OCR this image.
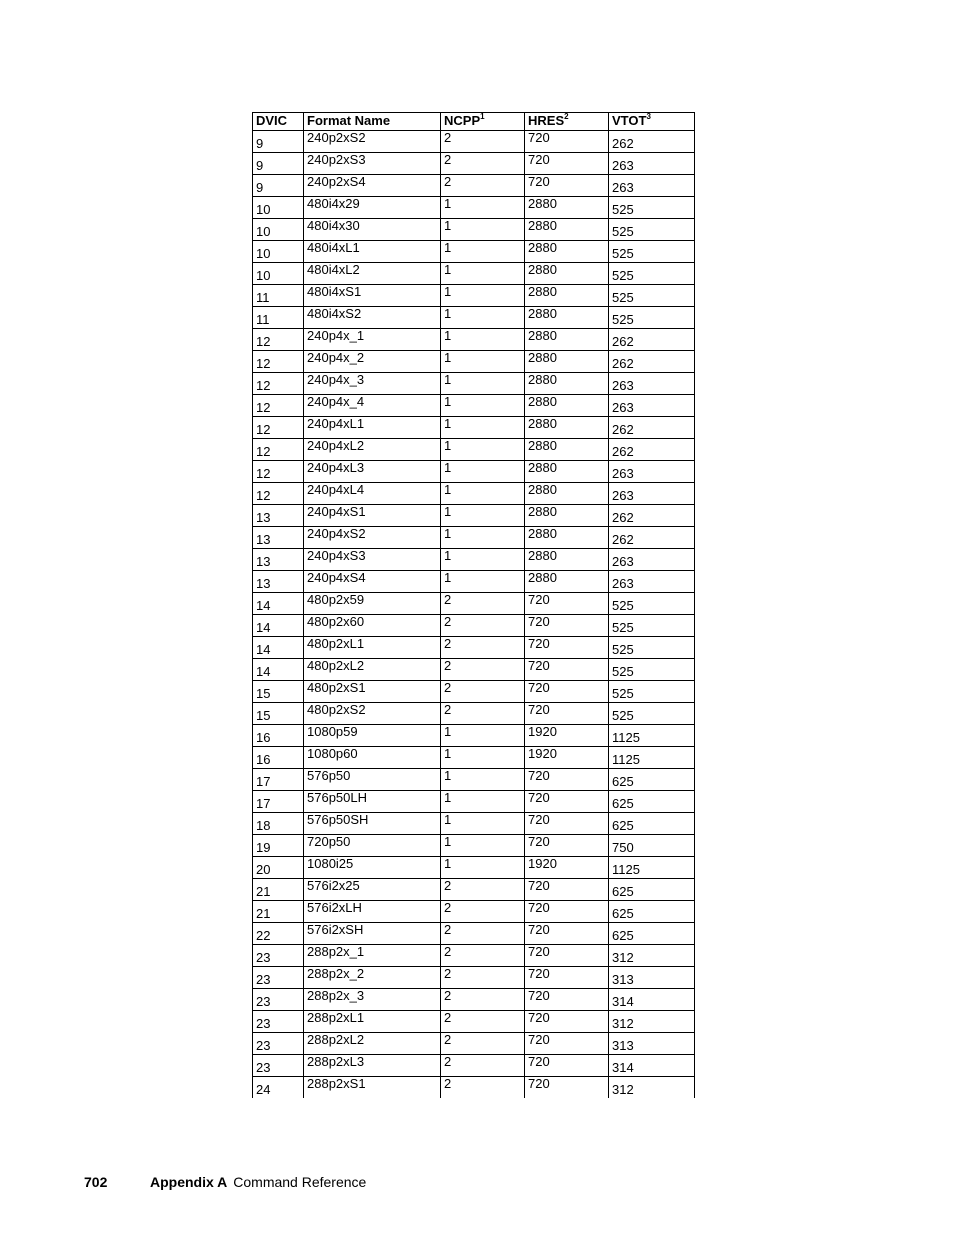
DVIC	Format Name	NCPP$^1$	HRES$^2$	VTOT$^3$
9	240p2xS2	2	720	262
9	240p2xS3	2	720	263
9	240p2xS4	2	720	263
10	480i4x29	1	2880	525
10	480i4x30	1	2880	525
10	480i4xL1	1	2880	525
10	480i4xL2	1	2880	525
11	480i4xS1	1	2880	525
11	480i4xS2	1	2880	525
12	240p4x_1	1	2880	262
12	240p4x_2	1	2880	262
12	240p4x_3	1	2880	263
12	240p4x_4	1	2880	263
12	240p4xL1	1	2880	262
12	240p4xL2	1	2880	262
12	240p4xL3	1	2880	263
12	240p4xL4	1	2880	263
13	240p4xS1	1	2880	262
13	240p4xS2	1	2880	262
13	240p4xS3	1	2880	263
13	240p4xS4	1	2880	263
14	480p2x59	2	720	525
14	480p2x60	2	720	525
14	480p2xL1	2	720	525
14	480p2xL2	2	720	525
15	480p2xS1	2	720	525
15	480p2xS2	2	720	525
16	1080p59	1	1920	1125
16	1080p60	1	1920	1125
17	576p50	1	720	625
17	576p50LH	1	720	625
18	576p50SH	1	720	625
19	720p50	1	720	750
20	1080i25	1	1920	1125
21	576i2x25	2	720	625
21	576i2xLH	2	720	625
22	576i2xSH	2	720	625
23	288p2x_1	2	720	312
23	288p2x_2	2	720	313
23	288p2x_3	2	720	314
23	288p2xL1	2	720	312
23	288p2xL2	2	720	313
23	288p2xL3	2	720	314
24	288p2xS1	2	720	312
702	Appendix A Command Reference
